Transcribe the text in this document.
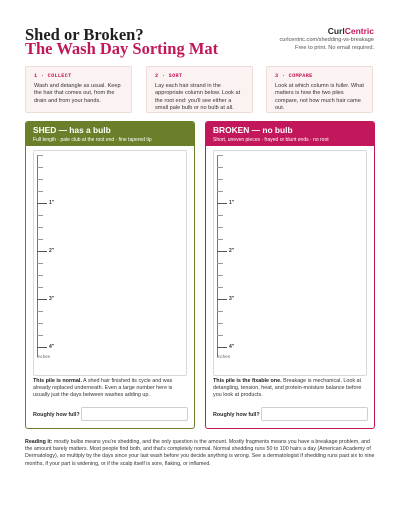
Shed or Broken?
The Wash Day Sorting Mat
CurlCentric
curlcentric.com/shedding-vs-breakage
Free to print. No email required.
1 · COLLECT
Wash and detangle as usual. Keep the hair that comes out, from the drain and from your hands.
2 · SORT
Lay each hair strand in the appropriate column below. Look at the root end: you'll see either a small pale bulb or no bulb at all.
3 · COMPARE
Look at which column is fuller. What matters is how the two piles compare, not how much hair came out.
SHED — has a bulb
Full length · pale club at the root end · fine tapered tip
1"
2"
3"
4"
inches
This pile is normal. A shed hair finished its cycle and was already replaced underneath. Even a large number here is usually just the days between washes adding up.
Roughly how full?
BROKEN — no bulb
Short, uneven pieces · frayed or blunt ends · no root
1"
2"
3"
4"
inches
This pile is the fixable one. Breakage is mechanical. Look at detangling, tension, heat, and protein-moisture balance before you look at products.
Roughly how full?
Reading it: mostly bulbs means you're shedding, and the only question is the amount. Mostly fragments means you have a breakage problem, and the amount barely matters. Most people find both, and that's completely normal. Normal shedding runs 50 to 100 hairs a day (American Academy of Dermatology), so multiply by the days since your last wash before you decide anything is wrong. See a dermatologist if shedding runs past six to nine months, if your part is widening, or if the scalp itself is sore, flaking, or inflamed.
